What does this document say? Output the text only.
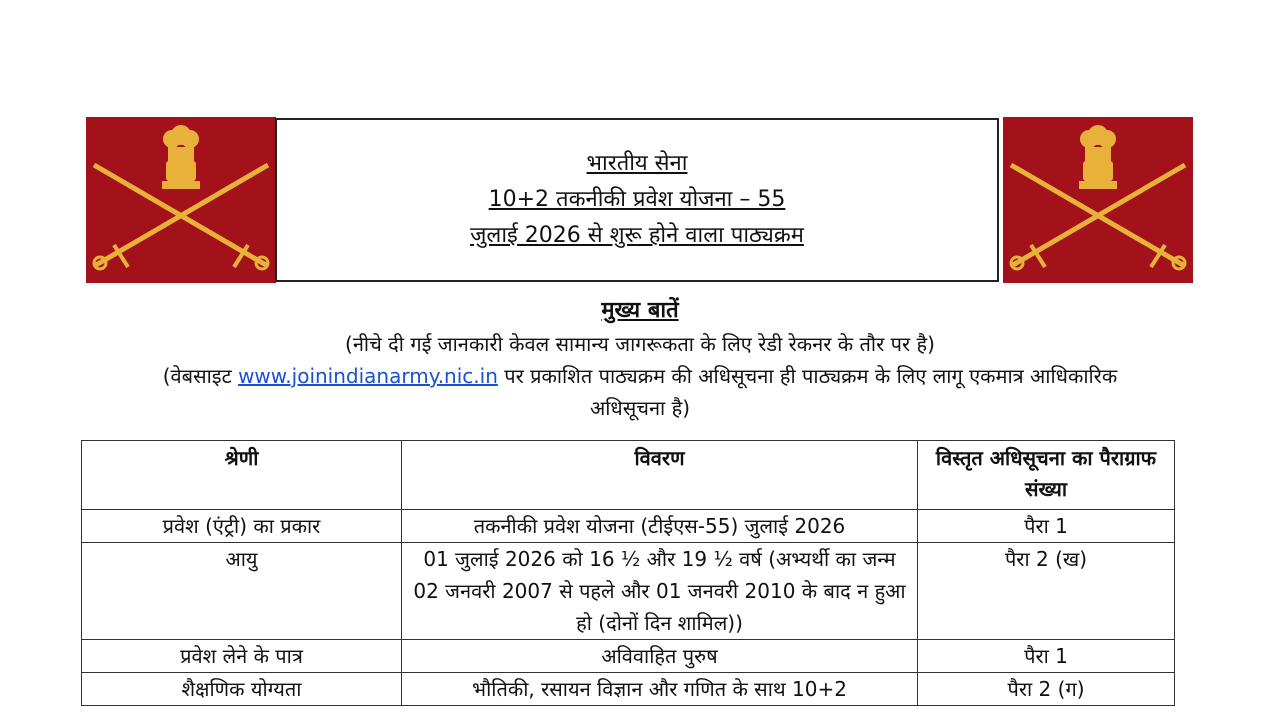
भारतीय सेना
10+2 तकनीकी प्रवेश योजना – 55
जुलाई 2026 से शुरू होने वाला पाठ्यक्रम
मुख्य बातें
(नीचे दी गई जानकारी केवल सामान्य जागरूकता के लिए रेडी रेकनर के तौर पर है)
(वेबसाइट www.joinindianarmy.nic.in पर प्रकाशित पाठ्यक्रम की अधिसूचना ही पाठ्यक्रम के लिए लागू एकमात्र आधिकारिक अधिसूचना है)
श्रेणी	विवरण	विस्तृत अधिसूचना का पैराग्राफ संख्या
प्रवेश (एंट्री) का प्रकार	तकनीकी प्रवेश योजना (टीईएस-55) जुलाई 2026	पैरा 1
आयु	01 जुलाई 2026 को 16 ½ और 19 ½ वर्ष (अभ्यर्थी का जन्म 02 जनवरी 2007 से पहले और 01 जनवरी 2010 के बाद न हुआ हो (दोनों दिन शामिल))	पैरा 2 (ख)
प्रवेश लेने के पात्र	अविवाहित पुरुष	पैरा 1
शैक्षणिक योग्यता	भौतिकी, रसायन विज्ञान और गणित के साथ 10+2	पैरा 2 (ग)
